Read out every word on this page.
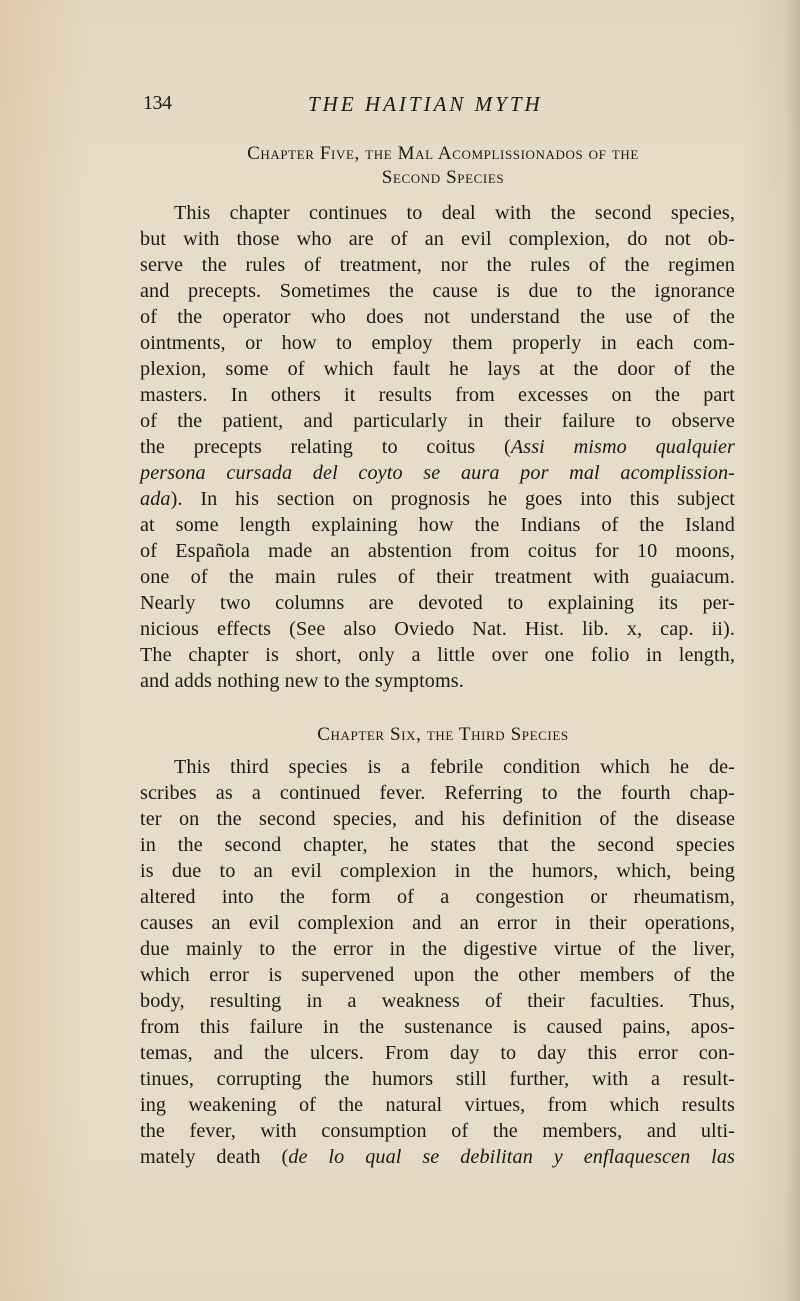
134	THE HAITIAN MYTH
Chapter Five, the Mal Acomplissionados of the
Second Species
This chapter continues to deal with the second species,
but with those who are of an evil complexion, do not ob-
serve the rules of treatment, nor the rules of the regimen
and precepts. Sometimes the cause is due to the ignorance
of the operator who does not understand the use of the
ointments, or how to employ them properly in each com-
plexion, some of which fault he lays at the door of the
masters. In others it results from excesses on the part
of the patient, and particularly in their failure to observe
the precepts relating to coitus (Assi mismo qualquier
persona cursada del coyto se aura por mal acomplission-
ada). In his section on prognosis he goes into this subject
at some length explaining how the Indians of the Island
of Española made an abstention from coitus for 10 moons,
one of the main rules of their treatment with guaiacum.
Nearly two columns are devoted to explaining its per-
nicious effects (See also Oviedo Nat. Hist. lib. x, cap. ii).
The chapter is short, only a little over one folio in length,
and adds nothing new to the symptoms.
Chapter Six, the Third Species
This third species is a febrile condition which he de-
scribes as a continued fever. Referring to the fourth chap-
ter on the second species, and his definition of the disease
in the second chapter, he states that the second species
is due to an evil complexion in the humors, which, being
altered into the form of a congestion or rheumatism,
causes an evil complexion and an error in their operations,
due mainly to the error in the digestive virtue of the liver,
which error is supervened upon the other members of the
body, resulting in a weakness of their faculties. Thus,
from this failure in the sustenance is caused pains, apos-
temas, and the ulcers. From day to day this error con-
tinues, corrupting the humors still further, with a result-
ing weakening of the natural virtues, from which results
the fever, with consumption of the members, and ulti-
mately death (de lo qual se debilitan y enflaquescen las
